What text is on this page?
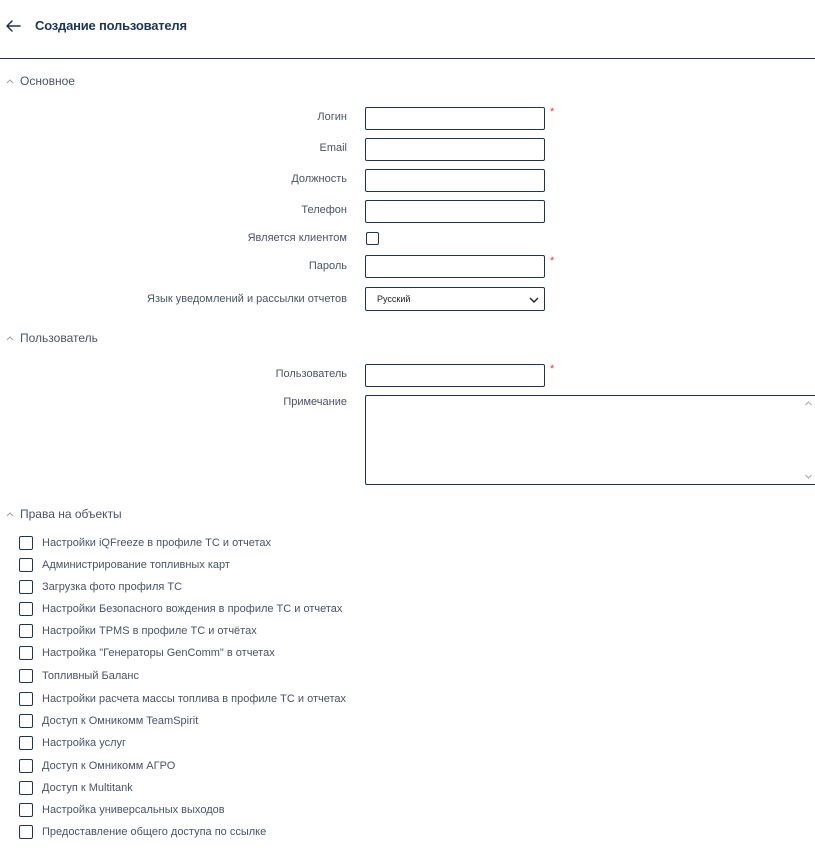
Создание пользователя
Основное
Логин	*
Email
Должность
Телефон
Является клиентом
Пароль	*
Язык уведомлений и рассылки отчетов	Русский
Пользователь
Пользователь	*
Примечание
Права на объекты
Настройки iQFreeze в профиле ТС и отчетах
Администрирование топливных карт
Загрузка фото профиля ТС
Настройки Безопасного вождения в профиле ТС и отчетах
Настройки TPMS в профиле ТС и отчётах
Настройка "Генераторы GenComm" в отчетах
Топливный Баланс
Настройки расчета массы топлива в профиле ТС и отчетах
Доступ к Омникомм TeamSpirit
Настройка услуг
Доступ к Омникомм АГРО
Доступ к Multitank
Настройка универсальных выходов
Предоставление общего доступа по ссылке
